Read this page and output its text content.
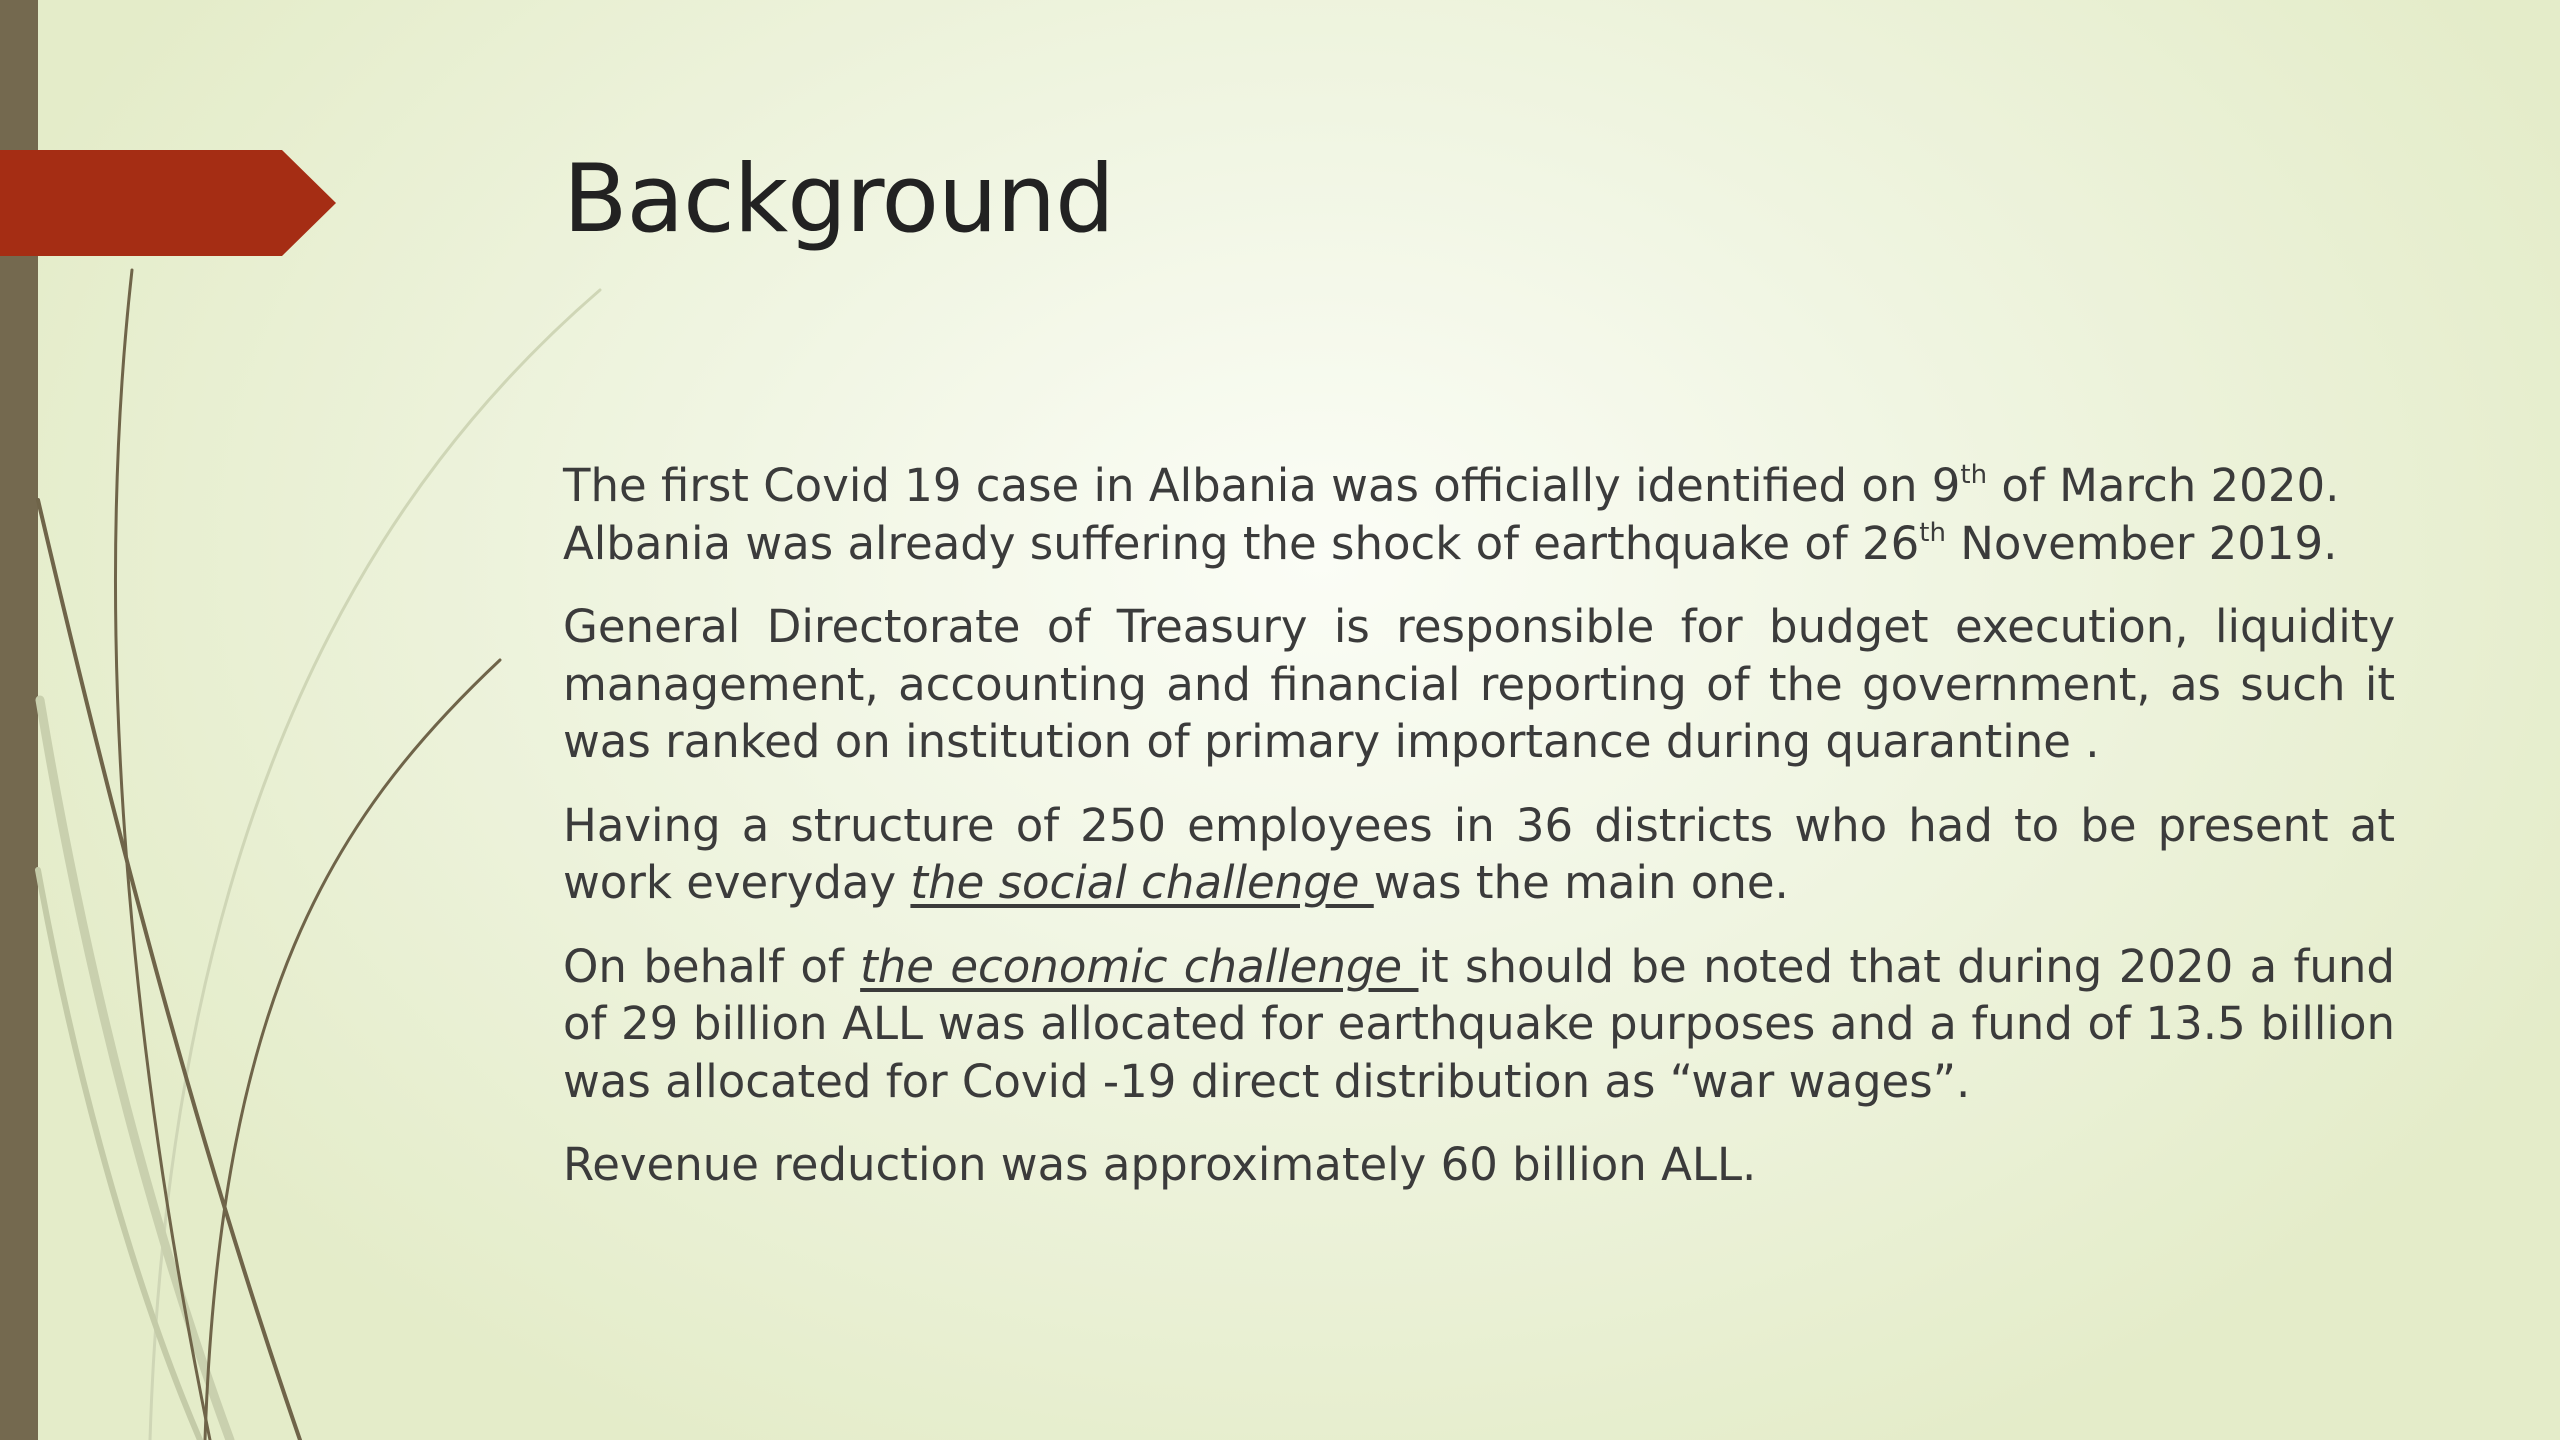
Background

The first Covid 19 case in Albania was officially identified on 9th of March 2020.
Albania was already suffering the shock of earthquake of 26th November 2019.

General Directorate of Treasury is responsible for budget execution, liquidity management, accounting and financial reporting of the government, as such it was ranked on institution of primary importance during quarantine .

Having a structure of 250 employees in 36 districts who had to be present at work everyday the social challenge was the main one.

On behalf of the economic challenge it should be noted that during 2020 a fund of 29 billion ALL was allocated for earthquake purposes and a fund of 13.5 billion was allocated for Covid -19 direct distribution as “war wages”.

Revenue reduction was approximately 60 billion ALL.
